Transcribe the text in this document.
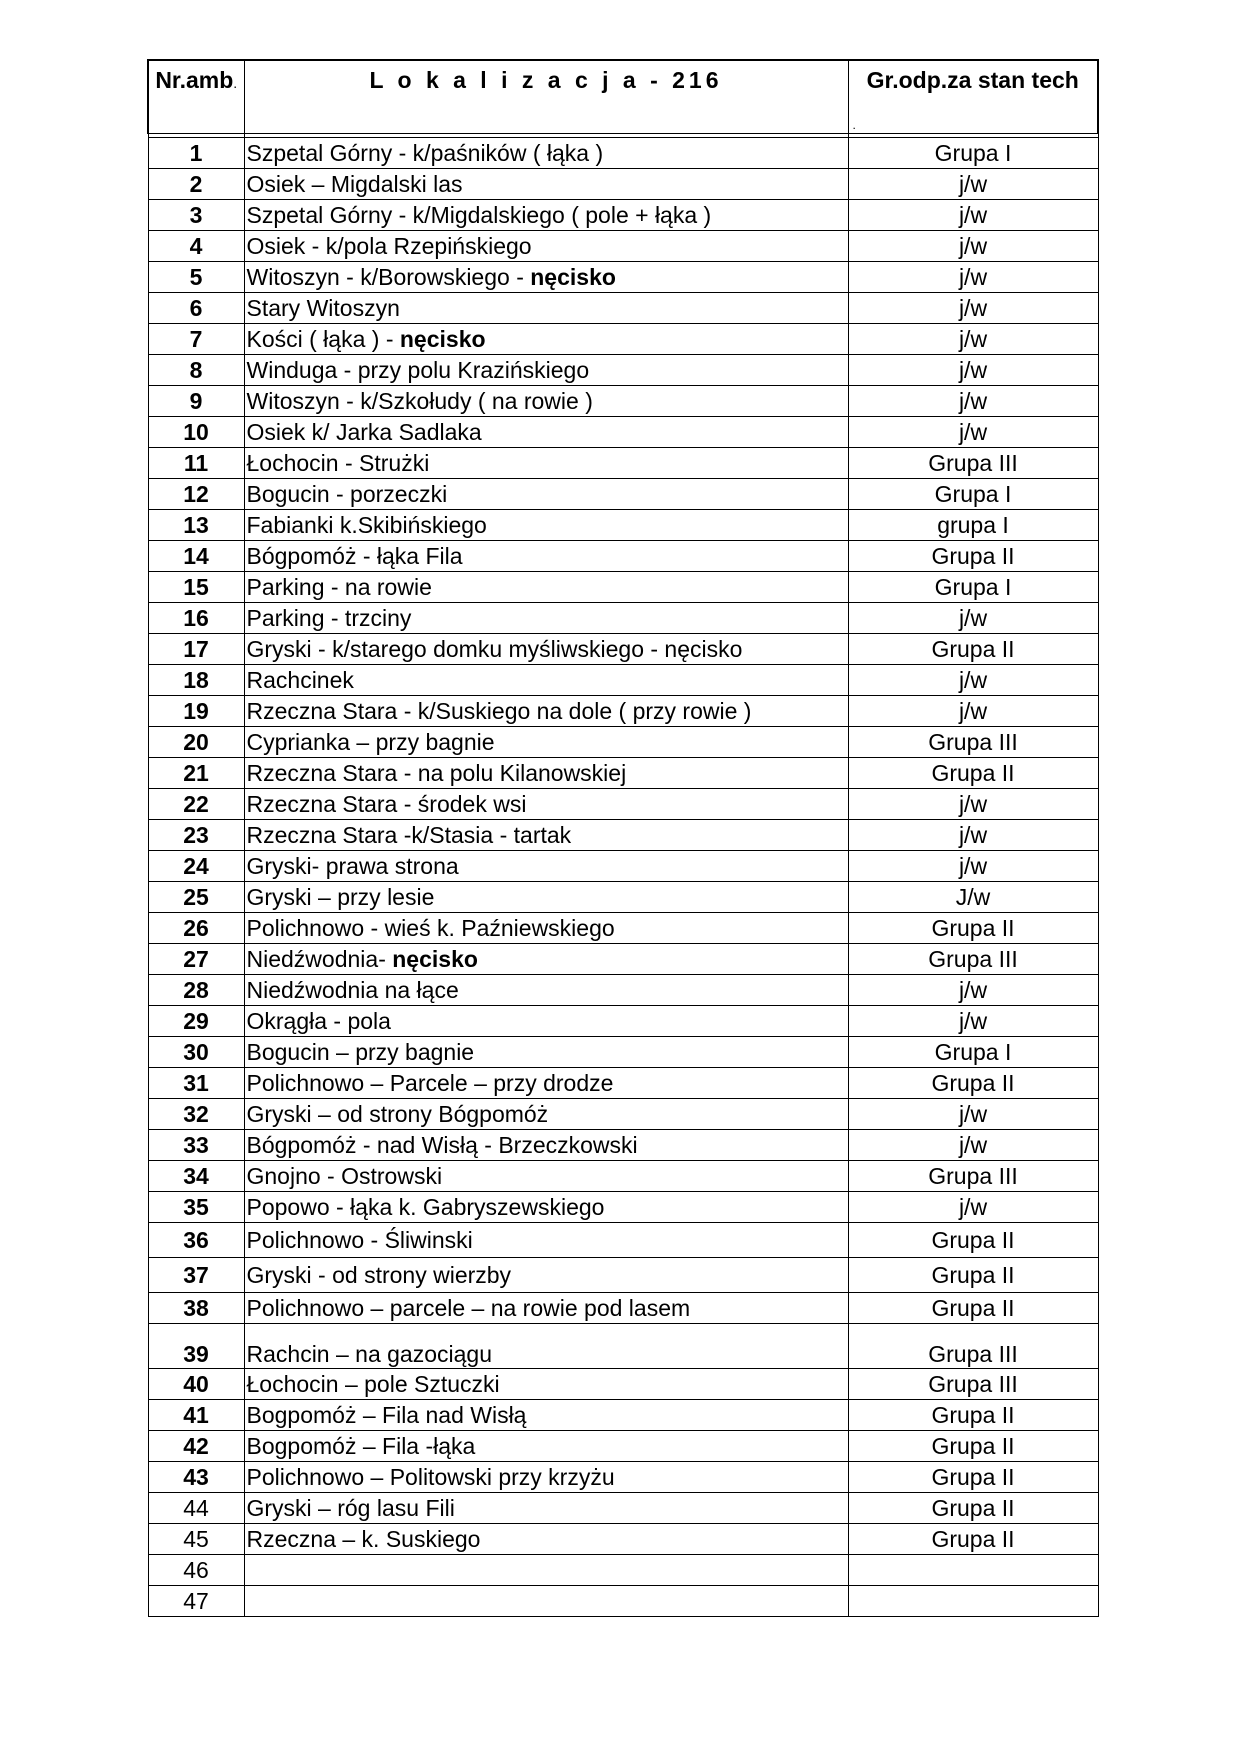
Nr.amb.	L o k a l i z a c j a - 216	Gr.odp.za stan tech
.

1	Szpetal Górny - k/paśników ( łąka )	Grupa I
2	Osiek – Migdalski las	j/w
3	Szpetal Górny - k/Migdalskiego ( pole + łąka )	j/w
4	Osiek - k/pola Rzepińskiego	j/w
5	Witoszyn - k/Borowskiego - nęcisko	j/w
6	Stary Witoszyn	j/w
7	Kości ( łąka ) - nęcisko	j/w
8	Winduga - przy polu Krazińskiego	j/w
9	Witoszyn - k/Szkołudy ( na rowie )	j/w
10	Osiek k/ Jarka Sadlaka	j/w
11	Łochocin - Strużki	Grupa III
12	Bogucin - porzeczki	Grupa I
13	Fabianki k.Skibińskiego	grupa I
14	Bógpomóż - łąka Fila	Grupa II
15	Parking - na rowie	Grupa I
16	Parking - trzciny	j/w
17	Gryski - k/starego domku myśliwskiego - nęcisko	Grupa II
18	Rachcinek	j/w
19	Rzeczna Stara - k/Suskiego na dole ( przy rowie )	j/w
20	Cyprianka – przy bagnie	Grupa III
21	Rzeczna Stara - na polu Kilanowskiej	Grupa II
22	Rzeczna Stara - środek wsi	j/w
23	Rzeczna Stara -k/Stasia - tartak	j/w
24	Gryski- prawa strona	j/w
25	Gryski – przy lesie	J/w
26	Polichnowo - wieś k. Paźniewskiego	Grupa II
27	Niedźwodnia- nęcisko	Grupa III
28	Niedźwodnia na łące	j/w
29	Okrągła - pola	j/w
30	Bogucin – przy bagnie	Grupa I
31	Polichnowo – Parcele – przy drodze	Grupa II
32	Gryski – od strony Bógpomóż	j/w
33	Bógpomóż - nad Wisłą - Brzeczkowski	j/w
34	Gnojno - Ostrowski	Grupa III
35	Popowo - łąka k. Gabryszewskiego	j/w
36	Polichnowo - Śliwinski	Grupa II
37	Gryski - od strony wierzby	Grupa II
38	Polichnowo – parcele – na rowie pod lasem	Grupa II
39	Rachcin – na gazociągu	Grupa III
40	Łochocin – pole Sztuczki	Grupa III
41	Bogpomóż – Fila nad Wisłą	Grupa II
42	Bogpomóż – Fila -łąka	Grupa II
43	Polichnowo – Politowski przy krzyżu	Grupa II
44	Gryski – róg lasu Fili	Grupa II
45	Rzeczna – k. Suskiego	Grupa II
46		
47		
